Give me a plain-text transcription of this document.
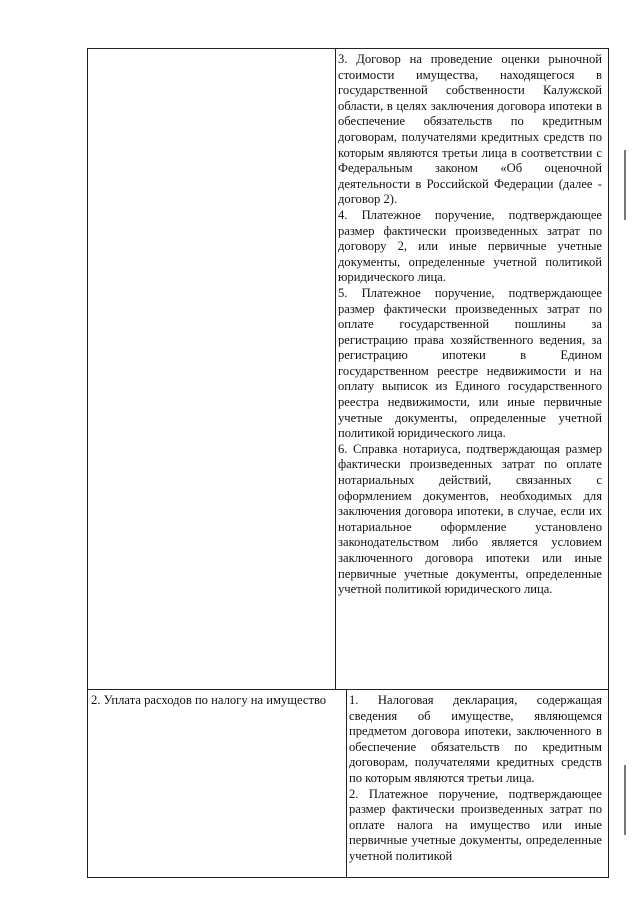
3. Договор на проведение оценки рыночной стоимости имущества, находящегося в государственной собственности Калужской области, в целях заключения договора ипотеки в обеспечение обязательств по кредитным договорам, получателями кредитных средств по которым являются третьи лица в соответствии с Федеральным законом «Об оценочной деятельности в Российской Федерации (далее - договор 2).

4. Платежное поручение, подтверждающее размер фактически произведенных затрат по договору 2, или иные первичные учетные документы, определенные учетной политикой юридического лица.

5. Платежное поручение, подтверждающее размер фактически произведенных затрат по оплате государственной пошлины за регистрацию права хозяйственного ведения, за регистрацию ипотеки в Едином государственном реестре недвижимости и на оплату выписок из Единого государственного реестра недвижимости, или иные первичные учетные документы, определенные учетной политикой юридического лица.

6. Справка нотариуса, подтверждающая размер фактически произведенных затрат по оплате нотариальных действий, связанных с оформлением документов, необходимых для заключения договора ипотеки, в случае, если их нотариальное оформление установлено законодательством либо является условием заключенного договора ипотеки или иные первичные учетные документы, определенные учетной политикой юридического лица.

2. Уплата расходов по налогу на имущество	1. Налоговая декларация, содержащая сведения об имуществе, являющемся предметом договора ипотеки, заключенного в обеспечение обязательств по кредитным договорам, получателями кредитных средств по которым являются третьи лица.

2. Платежное поручение, подтверждающее размер фактически произведенных затрат по оплате налога на имущество или иные первичные учетные документы, определенные учетной политикой
